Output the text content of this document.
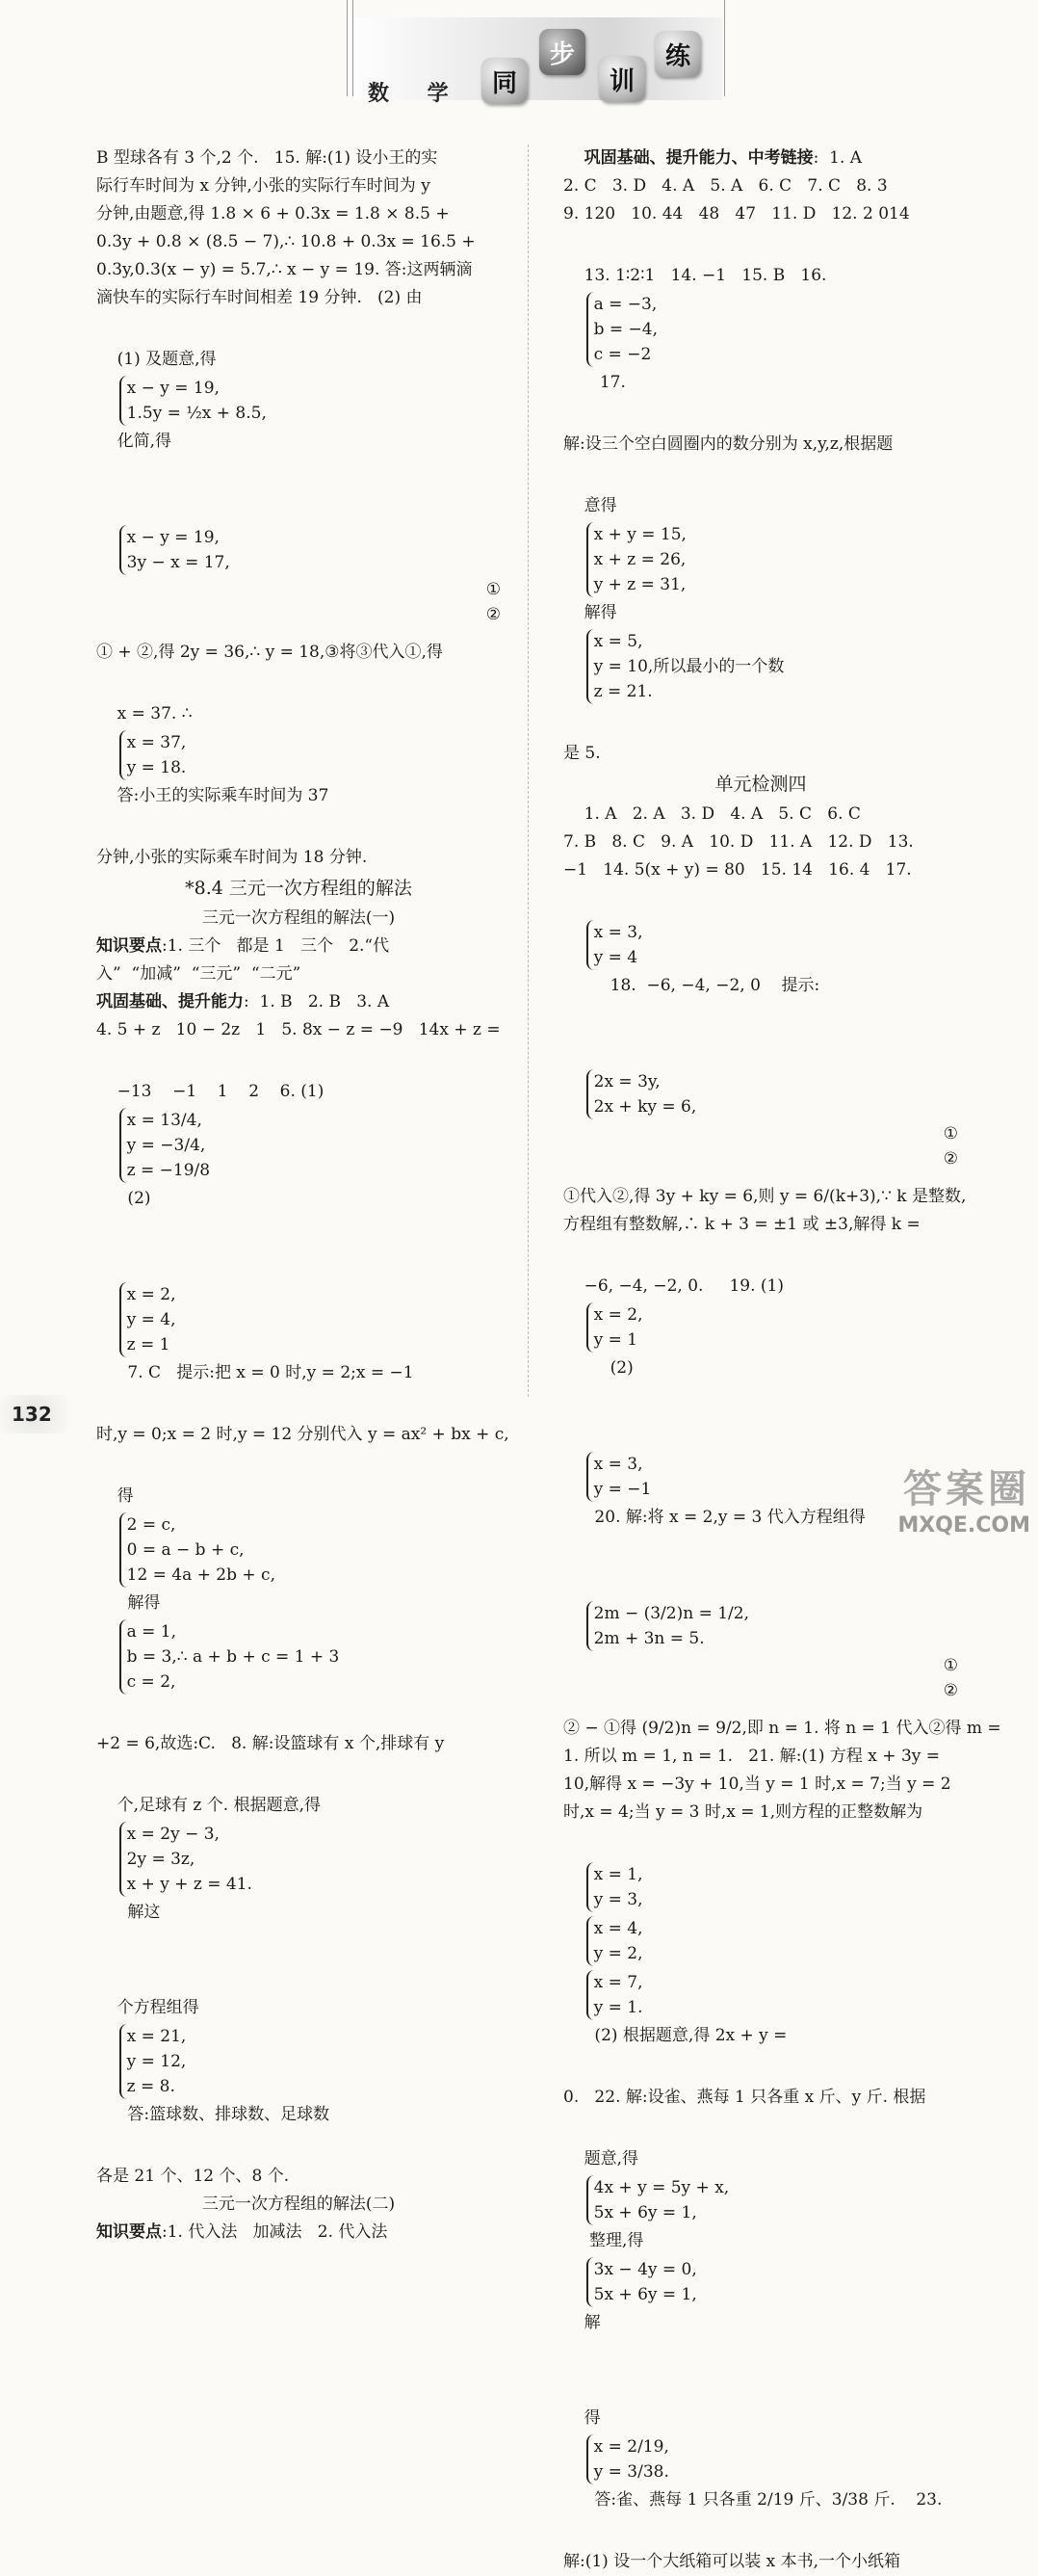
数 学	同
步
训
练
B 型球各有 3 个,2 个.   15. 解:(1) 设小王的实
际行车时间为 x 分钟,小张的实际行车时间为 y
分钟,由题意,得 1.8 × 6 + 0.3x = 1.8 × 8.5 +
0.3y + 0.8 × (8.5 − 7),∴ 10.8 + 0.3x = 16.5 +
0.3y,0.3(x − y) = 5.7,∴ x − y = 19. 答:这两辆滴
滴快车的实际行车时间相差 19 分钟.   (2) 由

(1) 及题意,得

x − y = 19,
1.5y = ½x + 8.5,

化简,得

x − y = 19,
3y − x = 17,

①
②

① + ②,得 2y = 36,∴ y = 18,③将③代入①,得

x = 37. ∴

x = 37,
y = 18.

答:小王的实际乘车时间为 37

分钟,小张的实际乘车时间为 18 分钟.
*8.4 三元一次方程组的解法
三元一次方程组的解法(一)
知识要点:1. 三个   都是 1   三个   2.“代
入”  “加减”  “三元”  “二元”
巩固基础、提升能力:  1. B   2. B   3. A
4. 5 + z   10 − 2z   1   5. 8x − z = −9   14x + z =

−13    −1    1    2    6. (1)

x = 13/4,
y = −3/4,
z = −19/8

(2)

x = 2,
y = 4,
z = 1

7. C   提示:把 x = 0 时,y = 2;x = −1

时,y = 0;x = 2 时,y = 12 分别代入 y = ax² + bx + c,

得

2 = c,
0 = a − b + c,
12 = 4a + 2b + c,

解得

a = 1,
b = 3,∴ a + b + c = 1 + 3
c = 2,

+2 = 6,故选:C.   8. 解:设篮球有 x 个,排球有 y

个,足球有 z 个. 根据题意,得

x = 2y − 3,
2y = 3z,
x + y + z = 41.

解这

个方程组得

x = 21,
y = 12,
z = 8.

答:篮球数、排球数、足球数

各是 21 个、12 个、8 个.
三元一次方程组的解法(二)
知识要点:1. 代入法   加减法   2. 代入法
巩固基础、提升能力、中考链接:  1. A
2. C   3. D   4. A   5. A   6. C   7. C   8. 3
9. 120   10. 44   48   47   11. D   12. 2 014

13. 1∶2∶1   14. −1   15. B   16.

a = −3,
b = −4,
c = −2

17.

解:设三个空白圆圈内的数分别为 x,y,z,根据题

意得

x + y = 15,
x + z = 26,
y + z = 31,

解得

x = 5,
y = 10,所以最小的一个数
z = 21.

是 5.
单元检测四
1. A   2. A   3. D   4. A   5. C   6. C
7. B   8. C   9. A   10. D   11. A   12. D   13.
−1   14. 5(x + y) = 80   15. 14   16. 4   17.

x = 3,
y = 4

18.  −6, −4, −2, 0    提示:

2x = 3y,
2x + ky = 6,

①
②

①代入②,得 3y + ky = 6,则 y = 6/(k+3),∵ k 是整数,
方程组有整数解,∴ k + 3 = ±1 或 ±3,解得 k =

−6, −4, −2, 0.     19. (1)

x = 2,
y = 1

(2)

x = 3,
y = −1

20. 解:将 x = 2,y = 3 代入方程组得

2m − (3/2)n = 1/2,
2m + 3n = 5.

①
②

② − ①得 (9/2)n = 9/2,即 n = 1. 将 n = 1 代入②得 m =
1. 所以 m = 1, n = 1.   21. 解:(1) 方程 x + 3y =
10,解得 x = −3y + 10,当 y = 1 时,x = 7;当 y = 2
时,x = 4;当 y = 3 时,x = 1,则方程的正整数解为

x = 1,
y = 3,

x = 4,
y = 2,

x = 7,
y = 1.

(2) 根据题意,得 2x + y =

0.   22. 解:设雀、燕每 1 只各重 x 斤、y 斤. 根据

题意,得

4x + y = 5y + x,
5x + 6y = 1,

整理,得

3x − 4y = 0,
5x + 6y = 1,

解

得

x = 2/19,
y = 3/38.

答:雀、燕每 1 只各重 2/19 斤、3/38 斤.    23.

解:(1) 设一个大纸箱可以装 x 本书,一个小纸箱
132
答案圈
MXQE.COM
